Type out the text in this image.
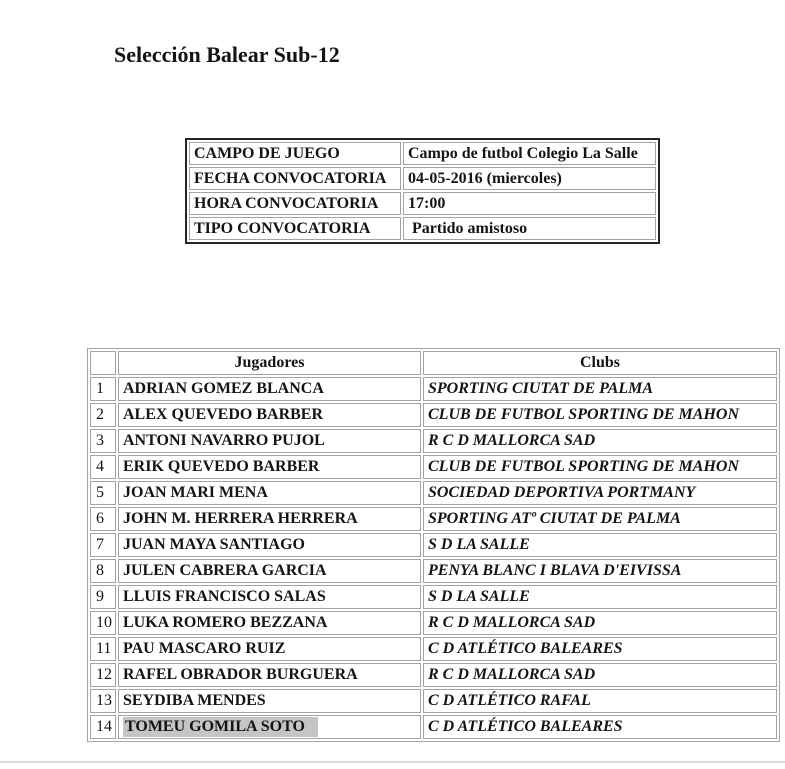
Selección Balear Sub-12
CAMPO DE JUEGO	Campo de futbol Colegio La Salle
FECHA CONVOCATORIA	04-05-2016 (miercoles)
HORA CONVOCATORIA	17:00
TIPO CONVOCATORIA	Partido amistoso
	Jugadores	Clubs
1	ADRIAN GOMEZ BLANCA	SPORTING CIUTAT DE PALMA
2	ALEX QUEVEDO BARBER	CLUB DE FUTBOL SPORTING DE MAHON
3	ANTONI NAVARRO PUJOL	R C D MALLORCA SAD
4	ERIK QUEVEDO BARBER	CLUB DE FUTBOL SPORTING DE MAHON
5	JOAN MARI MENA	SOCIEDAD DEPORTIVA PORTMANY
6	JOHN M. HERRERA HERRERA	SPORTING ATº CIUTAT DE PALMA
7	JUAN MAYA SANTIAGO	S D LA SALLE
8	JULEN CABRERA GARCIA	PENYA BLANC I BLAVA D'EIVISSA
9	LLUIS FRANCISCO SALAS	S D LA SALLE
10	LUKA ROMERO BEZZANA	R C D MALLORCA SAD
11	PAU MASCARO RUIZ	C D ATLÉTICO BALEARES
12	RAFEL OBRADOR BURGUERA	R C D MALLORCA SAD
13	SEYDIBA MENDES	C D ATLÉTICO RAFAL
14	TOMEU GOMILA SOTO	C D ATLÉTICO BALEARES
